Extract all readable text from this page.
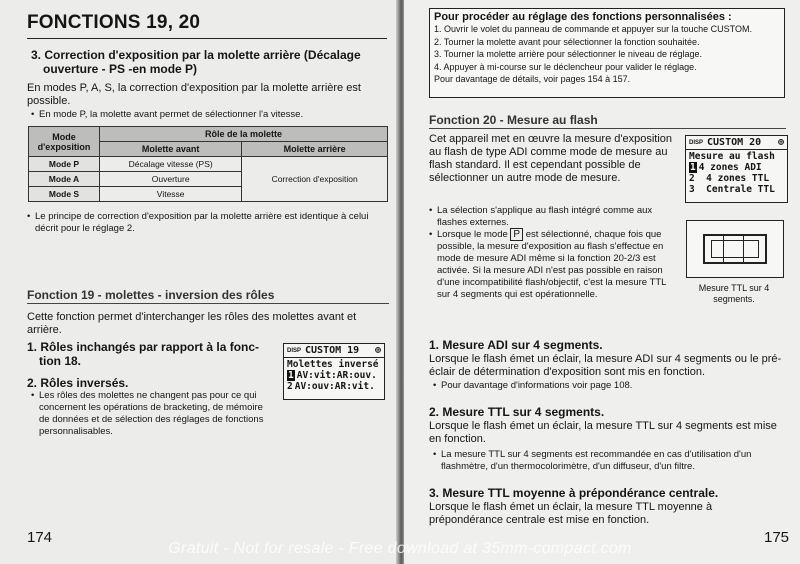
FONCTIONS 19, 20
3. Correction d'exposition par la molette arrière (Décalage
ouverture - PS -en mode P)
En modes P, A, S, la correction d'exposition par la molette arrière est possible.
• En mode P, la molette avant permet de sélectionner l'a vitesse.
Mode d'exposition	Rôle de la molette	
	Molette avant	Molette arrière
Mode P	Décalage vitesse (PS)	Correction d'exposition
Mode A	Ouverture	
Mode S	Vitesse	
• Le principe de correction d'exposition par la molette arrière est identique à celui décrit pour le réglage 2.
Fonction 19 - molettes - inversion des rôles
Cette fonction permet d'interchanger les rôles des molettes avant et arrière.
1. Rôles inchangés par rapport à la fonc-
tion 18.
2. Rôles inversés.
• Les rôles des molettes ne changent pas pour ce qui concernent les opérations de bracketing, de mémoire de données et de sélection des réglages de fonctions personnalisables.
DISP CUSTOM 19 ⊕
Molettes inversé
1 AV:vit:AR:ouv.
2 AV:ouv:AR:vit.
174
Pour procéder au réglage des fonctions personnalisées :
1. Ouvrir le volet du panneau de commande et appuyer sur la touche CUSTOM.
2. Tourner la molette avant pour sélectionner la fonction souhaitée.
3. Tourner la molette arrière pour sélectionner le niveau de réglage.
4. Appuyer à mi-course sur le déclencheur pour valider le réglage.
Pour davantage de détails, voir pages 154 à 157.
Fonction 20 - Mesure au flash
Cet appareil met en œuvre la mesure d'exposition au flash de type ADI comme mode de mesure au flash standard. Il est cependant possible de sélectionner un autre mode de mesure.
• La sélection s'applique au flash intégré comme aux flashes externes.
• Lorsque le mode P est sélectionné, chaque fois que possible, la mesure d'exposition au flash s'effectue en mode de mesure ADI même si la fonction 20-2/3 est activée. Si la mesure ADI n'est pas possible en raison d'une incompatibilité flash/objectif, c'est la mesure TTL sur 4 segments qui est opérationnelle.
DISP CUSTOM 20 ⊕
Mesure au flash
1 4 zones ADI
2  4 zones TTL
3  Centrale TTL
Mesure TTL sur 4 segments.
1. Mesure ADI sur 4 segments.
Lorsque le flash émet un éclair, la mesure ADI sur 4 segments ou le pré-éclair de détermination d'exposition sont mis en fonction.
• Pour davantage d'informations voir page 108.
2. Mesure TTL sur 4 segments.
Lorsque le flash émet un éclair, la mesure TTL sur 4 segments est mise en fonction.
• La mesure TTL sur 4 segments est recommandée en cas d'utilisation d'un flashmètre, d'un thermocolorimètre, d'un diffuseur, d'un filtre.
3. Mesure TTL moyenne à prépondérance centrale.
Lorsque le flash émet un éclair, la mesure TTL moyenne à prépondérance centrale est mise en fonction.
175
Gratuit - Not for resale - Free download at 35mm-compact.com
